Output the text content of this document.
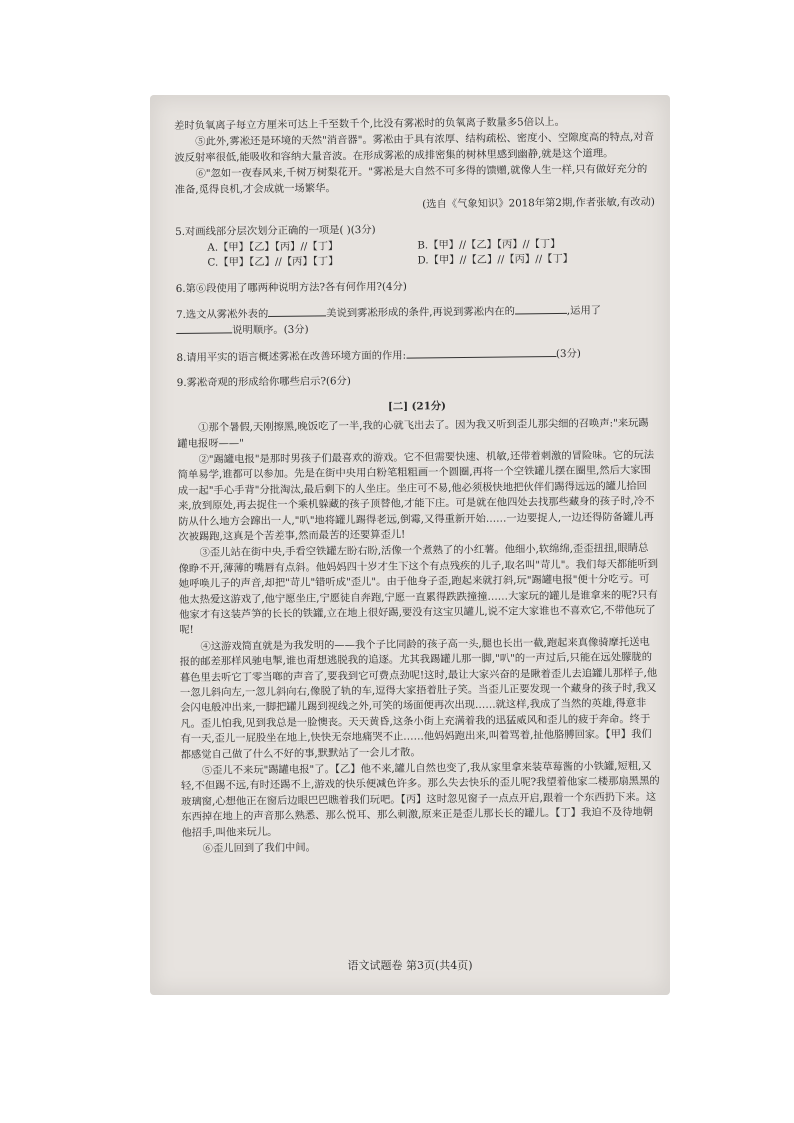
差时负氧离子每立方厘米可达上千至数千个,比没有雾凇时的负氧离子数量多5倍以上。

⑤此外,雾凇还是环境的天然"消音器"。雾凇由于具有浓厚、结构疏松、密度小、空隙度高的特点,对音波反射率很低,能吸收和容纳大量音波。在形成雾凇的成排密集的树林里感到幽静,就是这个道理。

⑥"忽如一夜春风来,千树万树梨花开。"雾凇是大自然不可多得的馈赠,就像人生一样,只有做好充分的准备,觅得良机,才会成就一场繁华。

(选自《气象知识》2018年第2期,作者张敏,有改动)

5.对画线部分层次划分正确的一项是( )(3分)
A.【甲】【乙】【丙】//【丁】	B.【甲】//【乙】【丙】//【丁】
C.【甲】【乙】//【丙】【丁】	D.【甲】//【乙】//【丙】//【丁】
6.第⑥段使用了哪两种说明方法?各有何作用?(4分)
7.选文从雾凇外表的	美说到雾凇形成的条件,再说到雾凇内在的	,运用了
说明顺序。(3分)
8.请用平实的语言概述雾凇在改善环境方面的作用:	(3分)
9.雾凇奇观的形成给你哪些启示?(6分)
[二] (21分)

①那个暑假,天刚擦黑,晚饭吃了一半,我的心就飞出去了。因为我又听到歪儿那尖细的召唤声:"来玩踢罐电报呀——"

②"踢罐电报"是那时男孩子们最喜欢的游戏。它不但需要快速、机敏,还带着刺激的冒险味。它的玩法简单易学,谁都可以参加。先是在街中央用白粉笔粗粗画一个圆圈,再将一个空铁罐儿摆在圈里,然后大家围成一起"手心手背"分批淘汰,最后剩下的人坐庄。坐庄可不易,他必须极快地把伙伴们踢得远远的罐儿拾回来,放到原处,再去捉住一个乘机躲藏的孩子顶替他,才能下庄。可是就在他四处去找那些藏身的孩子时,冷不防从什么地方会蹿出一人,"叭"地将罐儿踢得老远,倒霉,又得重新开始……一边要捉人,一边还得防备罐儿再次被踢跑,这真是个苦差事,然而最苦的还要算歪儿!

③歪儿站在街中央,手看空铁罐左盼右盼,活像一个煮熟了的小红薯。他细小,软绵绵,歪歪扭扭,眼睛总像睁不开,薄薄的嘴唇有点斜。他妈妈四十岁才生下这个有点残疾的儿子,取名叫"苛儿"。我们每天都能听到她呼唤儿子的声音,却把"苛儿"错听成"歪儿"。由于他身子歪,跑起来就打斜,玩"踢罐电报"便十分吃亏。可他太热爱这游戏了,他宁愿坐庄,宁愿徒自奔跑,宁愿一直累得跌跌撞撞……大家玩的罐儿是谁拿来的呢?只有他家才有这装芦笋的长长的铁罐,立在地上很好踢,要没有这宝贝罐儿,说不定大家谁也不喜欢它,不带他玩了呢!

④这游戏简直就是为我发明的——我个子比同龄的孩子高一头,腿也长出一截,跑起来真像骑摩托送电报的邮差那样风驰电掣,谁也甭想逃脱我的追逐。尤其我踢罐儿那一脚,"叭"的一声过后,只能在远处朦胧的暮色里去听它丁零当啷的声音了,要我到它可费点劲呢!这时,最让大家兴奋的是瞅着歪儿去追罐儿那样子,他一忽儿斜向左,一忽儿斜向右,像脱了轨的车,逗得大家捂着肚子笑。当歪儿正要发现一个藏身的孩子时,我又会闪电般冲出来,一脚把罐儿踢到视线之外,可笑的场面便再次出现……就这样,我成了当然的英雄,得意非凡。歪儿怕我,见到我总是一脸懊丧。天天黄昏,这条小街上充满着我的迅猛威风和歪儿的疲于奔命。终于有一天,歪儿一屁股坐在地上,快快无奈地痛哭不止……他妈妈跑出来,叫着骂着,扯他胳膊回家。【甲】我们都感觉自己做了什么不好的事,默默站了一会儿才散。

⑤歪儿不来玩"踢罐电报"了。【乙】他不来,罐儿自然也变了,我从家里拿来装草莓酱的小铁罐,短粗,又轻,不但踢不远,有时还踢不上,游戏的快乐便减色许多。那么失去快乐的歪儿呢?我望着他家二楼那扇黑黑的玻璃窗,心想他正在窗后边眼巴巴瞧着我们玩吧。【丙】这时忽见窗子一点点开启,跟着一个东西扔下来。这东西掉在地上的声音那么熟悉、那么悦耳、那么刺激,原来正是歪儿那长长的罐儿。【丁】我迫不及待地朝他招手,叫他来玩儿。

⑥歪儿回到了我们中间。

语文试题卷 第3页(共4页)
